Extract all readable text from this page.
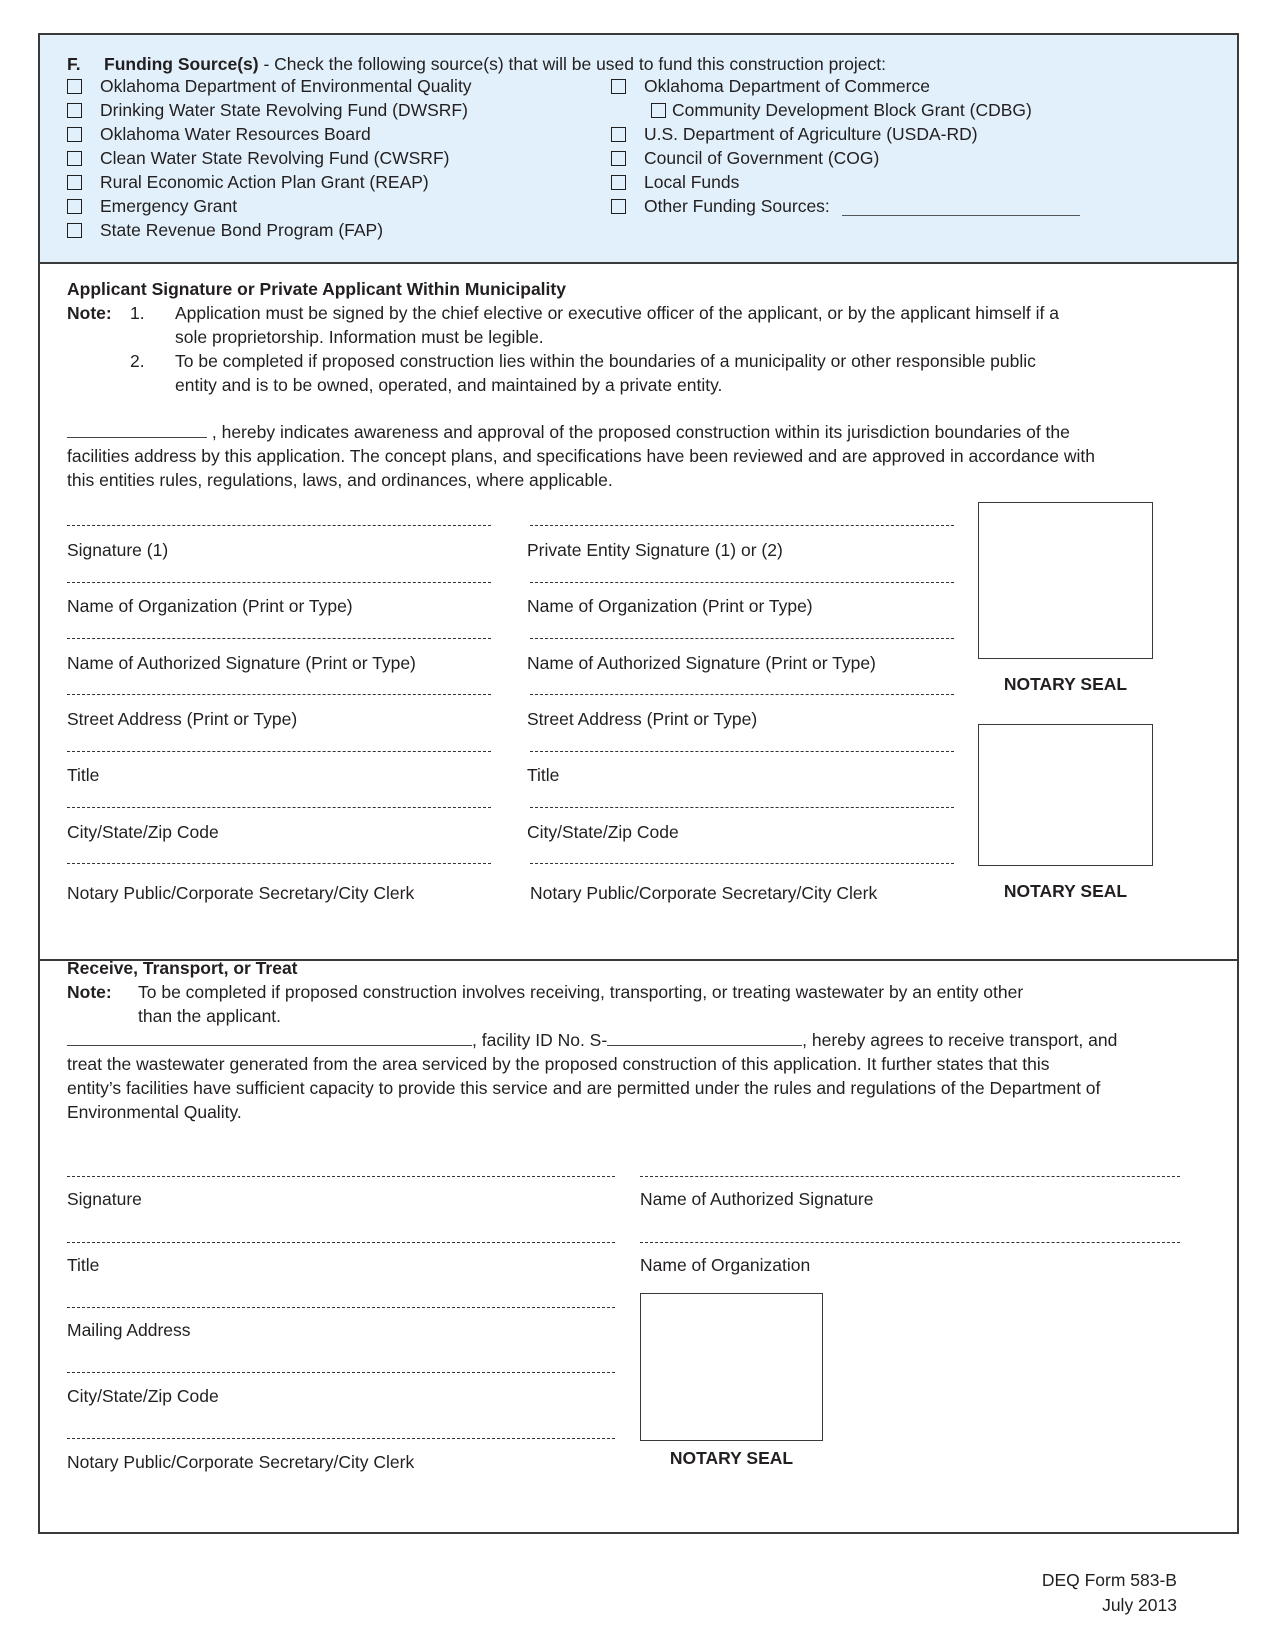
F. Funding Source(s) - Check the following source(s) that will be used to fund this construction project:
Oklahoma Department of Environmental Quality
Drinking Water State Revolving Fund (DWSRF)
Oklahoma Water Resources Board
Clean Water State Revolving Fund (CWSRF)
Rural Economic Action Plan Grant (REAP)
Emergency Grant
State Revenue Bond Program (FAP)
Oklahoma Department of Commerce
Community Development Block Grant (CDBG)
U.S. Department of Agriculture (USDA-RD)
Council of Government (COG)
Local Funds
Other Funding Sources:
Applicant Signature or Private Applicant Within Municipality
Note: 1. Application must be signed by the chief elective or executive officer of the applicant, or by the applicant himself if a
sole proprietorship. Information must be legible.
2. To be completed if proposed construction lies within the boundaries of a municipality or other responsible public
entity and is to be owned, operated, and maintained by a private entity.
, hereby indicates awareness and approval of the proposed construction within its jurisdiction boundaries of the
facilities address by this application. The concept plans, and specifications have been reviewed and are approved in accordance with
this entities rules, regulations, laws, and ordinances, where applicable.
Signature (1)
Name of Organization (Print or Type)
Name of Authorized Signature (Print or Type)
Street Address (Print or Type)
Title
City/State/Zip Code
Notary Public/Corporate Secretary/City Clerk
Private Entity Signature (1) or (2)
Name of Organization (Print or Type)
Name of Authorized Signature (Print or Type)
Street Address (Print or Type)
Title
City/State/Zip Code
Notary Public/Corporate Secretary/City Clerk
NOTARY SEAL
NOTARY SEAL
Receive, Transport, or Treat
Note: To be completed if proposed construction involves receiving, transporting, or treating wastewater by an entity other
than the applicant.
, facility ID No. S-	, hereby agrees to receive transport, and
treat the wastewater generated from the area serviced by the proposed construction of this application. It further states that this
entity’s facilities have sufficient capacity to provide this service and are permitted under the rules and regulations of the Department of
Environmental Quality.
Signature
Title
Mailing Address
City/State/Zip Code
Notary Public/Corporate Secretary/City Clerk
Name of Authorized Signature
Name of Organization
NOTARY SEAL
DEQ Form 583-B
July 2013
